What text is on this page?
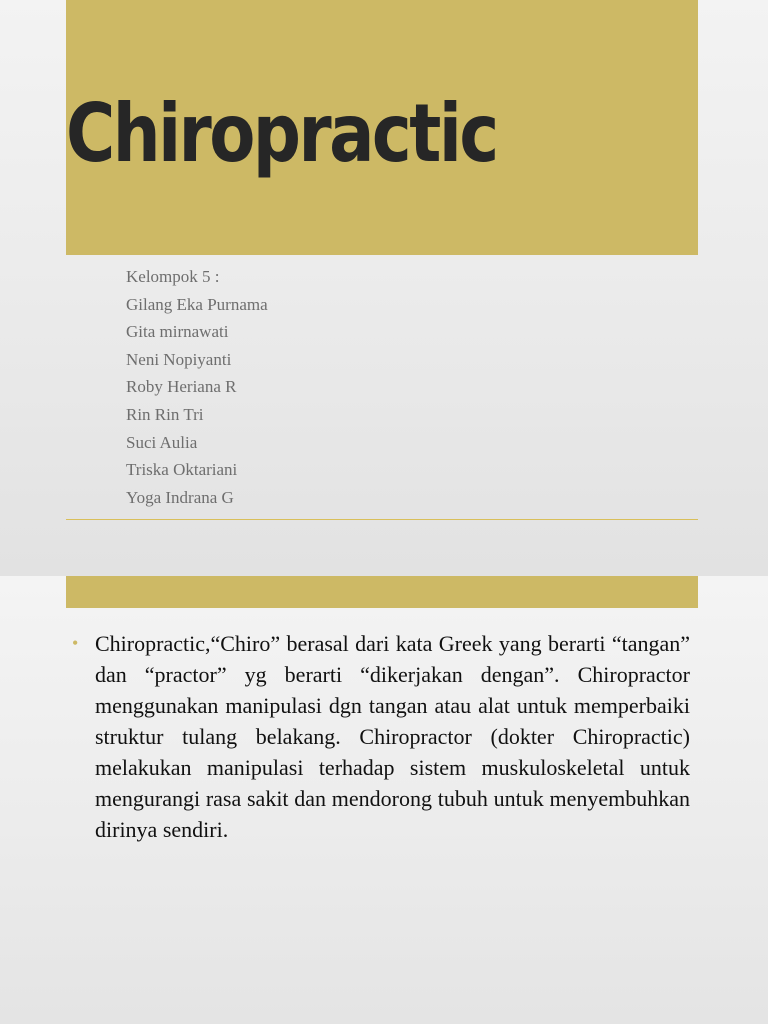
Chiropractic
Kelompok 5 :
Gilang Eka Purnama
Gita mirnawati
Neni Nopiyanti
Roby Heriana R
Rin Rin Tri
Suci Aulia
Triska Oktariani
Yoga Indrana G
• Chiropractic,“Chiro” berasal dari kata Greek yang berarti “tangan” dan “practor” yg berarti “dikerjakan dengan”. Chiropractor menggunakan manipulasi dgn tangan atau alat untuk memperbaiki struktur tulang belakang. Chiropractor (dokter Chiropractic) melakukan manipulasi terhadap sistem muskuloskeletal untuk mengurangi rasa sakit dan mendorong tubuh untuk menyembuhkan dirinya sendiri.
